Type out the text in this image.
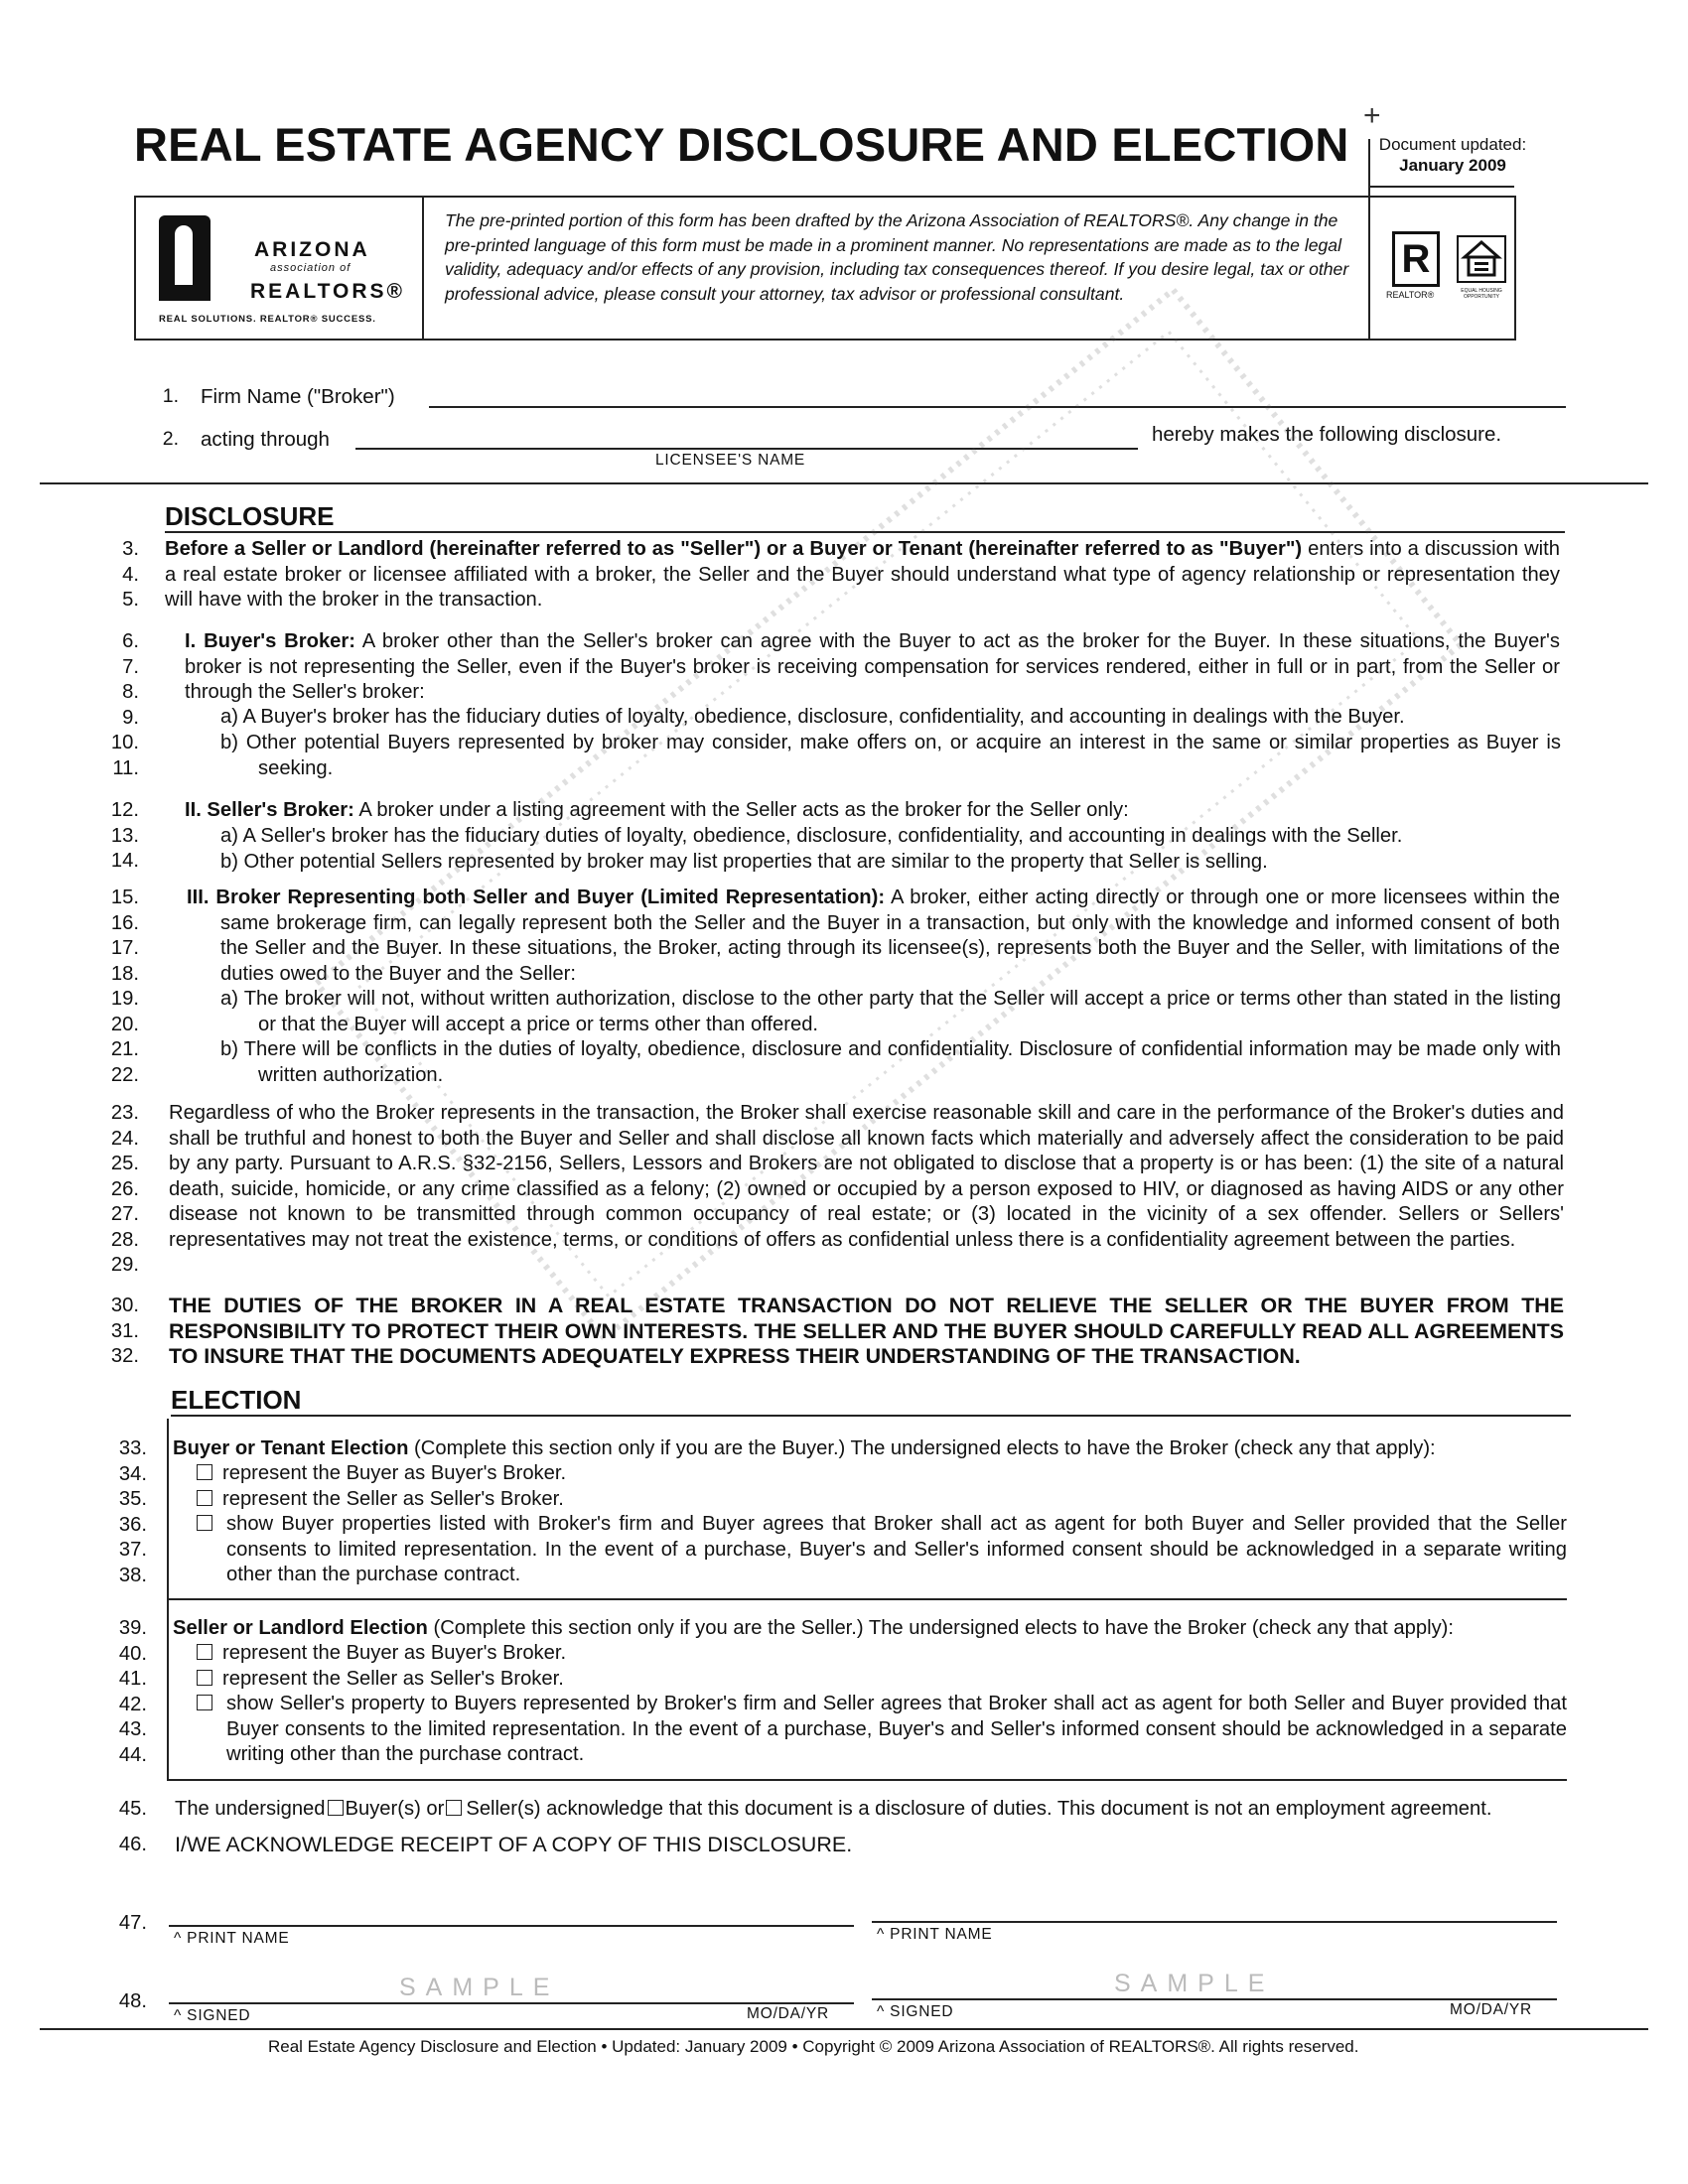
+
REAL ESTATE AGENCY DISCLOSURE AND ELECTION	Document updated:
January 2009
ARIZONA
association of
REALTORS®
REAL SOLUTIONS. REALTOR® SUCCESS.
The pre-printed portion of this form has been drafted by the Arizona Association of REALTORS®. Any change in the pre-printed language of this form must be made in a prominent manner. No representations are made as to the legal validity, adequacy and/or effects of any provision, including tax consequences thereof. If you desire legal, tax or other professional advice, please consult your attorney, tax advisor or professional consultant.
R
REALTOR®	EQUAL HOUSING OPPORTUNITY
1. Firm Name ("Broker")
2. acting through
LICENSEE'S NAME
hereby makes the following disclosure.
DISCLOSURE
3.
4.
5.
Before a Seller or Landlord (hereinafter referred to as "Seller") or a Buyer or Tenant (hereinafter referred to as "Buyer") enters into a discussion with a real estate broker or licensee affiliated with a broker, the Seller and the Buyer should understand what type of agency relationship or representation they will have with the broker in the transaction.
6.
7.
8.
9.
10.
11.
I. Buyer's Broker: A broker other than the Seller's broker can agree with the Buyer to act as the broker for the Buyer. In these situations, the Buyer's broker is not representing the Seller, even if the Buyer's broker is receiving compensation for services rendered, either in full or in part, from the Seller or through the Seller's broker:
a) A Buyer's broker has the fiduciary duties of loyalty, obedience, disclosure, confidentiality, and accounting in dealings with the Buyer.
b) Other potential Buyers represented by broker may consider, make offers on, or acquire an interest in the same or similar properties as Buyer is seeking.
12.
13.
14.
II. Seller's Broker: A broker under a listing agreement with the Seller acts as the broker for the Seller only:
a) A Seller's broker has the fiduciary duties of loyalty, obedience, disclosure, confidentiality, and accounting in dealings with the Seller.
b) Other potential Sellers represented by broker may list properties that are similar to the property that Seller is selling.
15.
16.
17.
18.
19.
20.
21.
22.
III. Broker Representing both Seller and Buyer (Limited Representation): A broker, either acting directly or through one or more licensees within the same brokerage firm, can legally represent both the Seller and the Buyer in a transaction, but only with the knowledge and informed consent of both the Seller and the Buyer. In these situations, the Broker, acting through its licensee(s), represents both the Buyer and the Seller, with limitations of the duties owed to the Buyer and the Seller:
a) The broker will not, without written authorization, disclose to the other party that the Seller will accept a price or terms other than stated in the listing or that the Buyer will accept a price or terms other than offered.
b) There will be conflicts in the duties of loyalty, obedience, disclosure and confidentiality. Disclosure of confidential information may be made only with written authorization.
23.
24.
25.
26.
27.
28.
29.
Regardless of who the Broker represents in the transaction, the Broker shall exercise reasonable skill and care in the performance of the Broker's duties and shall be truthful and honest to both the Buyer and Seller and shall disclose all known facts which materially and adversely affect the consideration to be paid by any party. Pursuant to A.R.S. §32-2156, Sellers, Lessors and Brokers are not obligated to disclose that a property is or has been: (1) the site of a natural death, suicide, homicide, or any crime classified as a felony; (2) owned or occupied by a person exposed to HIV, or diagnosed as having AIDS or any other disease not known to be transmitted through common occupancy of real estate; or (3) located in the vicinity of a sex offender. Sellers or Sellers' representatives may not treat the existence, terms, or conditions of offers as confidential unless there is a confidentiality agreement between the parties.
30.
31.
32.
THE DUTIES OF THE BROKER IN A REAL ESTATE TRANSACTION DO NOT RELIEVE THE SELLER OR THE BUYER FROM THE RESPONSIBILITY TO PROTECT THEIR OWN INTERESTS. THE SELLER AND THE BUYER SHOULD CAREFULLY READ ALL AGREEMENTS TO INSURE THAT THE DOCUMENTS ADEQUATELY EXPRESS THEIR UNDERSTANDING OF THE TRANSACTION.
ELECTION
33.
34.
35.
36.
37.
38.
Buyer or Tenant Election (Complete this section only if you are the Buyer.) The undersigned elects to have the Broker (check any that apply):
represent the Buyer as Buyer's Broker.
represent the Seller as Seller's Broker.
show Buyer properties listed with Broker's firm and Buyer agrees that Broker shall act as agent for both Buyer and Seller provided that the Seller consents to limited representation. In the event of a purchase, Buyer's and Seller's informed consent should be acknowledged in a separate writing other than the purchase contract.
39.
40.
41.
42.
43.
44.
Seller or Landlord Election (Complete this section only if you are the Seller.) The undersigned elects to have the Broker (check any that apply):
represent the Buyer as Buyer's Broker.
represent the Seller as Seller's Broker.
show Seller's property to Buyers represented by Broker's firm and Seller agrees that Broker shall act as agent for both Seller and Buyer provided that Buyer consents to the limited representation. In the event of a purchase, Buyer's and Seller's informed consent should be acknowledged in a separate writing other than the purchase contract.
45. The undersigned Buyer(s) or Seller(s) acknowledge that this document is a disclosure of duties. This document is not an employment agreement.
46. I/WE ACKNOWLEDGE RECEIPT OF A COPY OF THIS DISCLOSURE.
47.
^ PRINT NAME	^ PRINT NAME
48.	SAMPLE
^ SIGNED	MO/DA/YR
SAMPLE
^ SIGNED	MO/DA/YR
Real Estate Agency Disclosure and Election • Updated: January 2009 • Copyright © 2009 Arizona Association of REALTORS®. All rights reserved.
